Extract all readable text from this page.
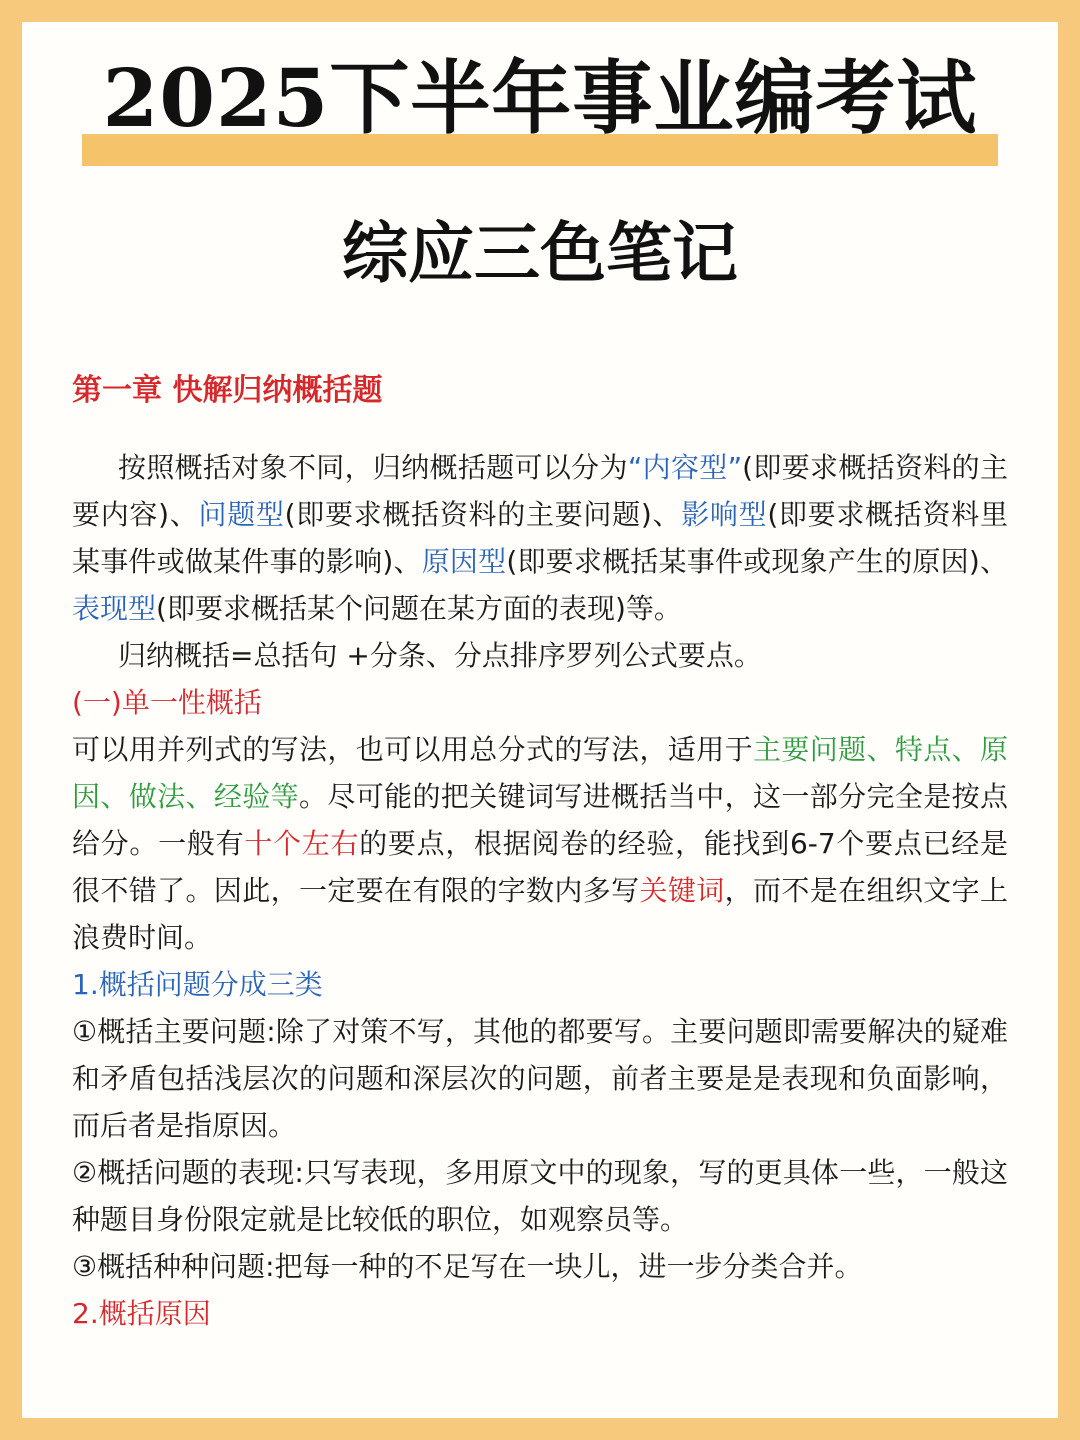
2025下半年事业编考试
综应三色笔记
第一章 快解归纳概括题

按照概括对象不同，归纳概括题可以分为“内容型”(即要求概括资料的主要内容)、问题型(即要求概括资料的主要问题)、影响型(即要求概括资料里某事件或做某件事的影响)、原因型(即要求概括某事件或现象产生的原因)、表现型(即要求概括某个问题在某方面的表现)等。

归纳概括=总括句 +分条、分点排序罗列公式要点。

(一)单一性概括

可以用并列式的写法，也可以用总分式的写法，适用于主要问题、特点、原因、做法、经验等。尽可能的把关键词写进概括当中，这一部分完全是按点给分。一般有十个左右的要点，根据阅卷的经验，能找到6-7个要点已经是很不错了。因此，一定要在有限的字数内多写关键词，而不是在组织文字上浪费时间。

1.概括问题分成三类

①概括主要问题:除了对策不写，其他的都要写。主要问题即需要解决的疑难和矛盾包括浅层次的问题和深层次的问题，前者主要是是表现和负面影响，而后者是指原因。

②概括问题的表现:只写表现，多用原文中的现象，写的更具体一些，一般这种题目身份限定就是比较低的职位，如观察员等。

③概括种种问题:把每一种的不足写在一块儿，进一步分类合并。

2.概括原因
